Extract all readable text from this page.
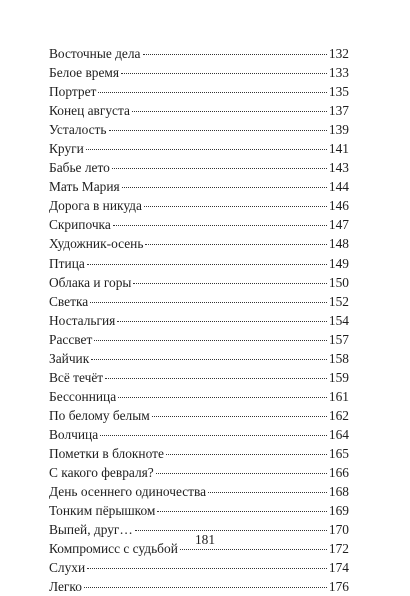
Восточные дела	132
Белое время	133
Портрет	135
Конец августа	137
Усталость	139
Круги	141
Бабье лето	143
Мать Мария	144
Дорога в никуда	146
Скрипочка	147
Художник-осень	148
Птица	149
Облака и горы	150
Светка	152
Ностальгия	154
Рассвет	157
Зайчик	158
Всё течёт	159
Бессонница	161
По белому белым	162
Волчица	164
Пометки в блокноте	165
С какого февраля?	166
День осеннего одиночества	168
Тонким пёрышком	169
Выпей, друг…	170
Компромисс с судьбой	172
Слухи	174
Легко	176
181
